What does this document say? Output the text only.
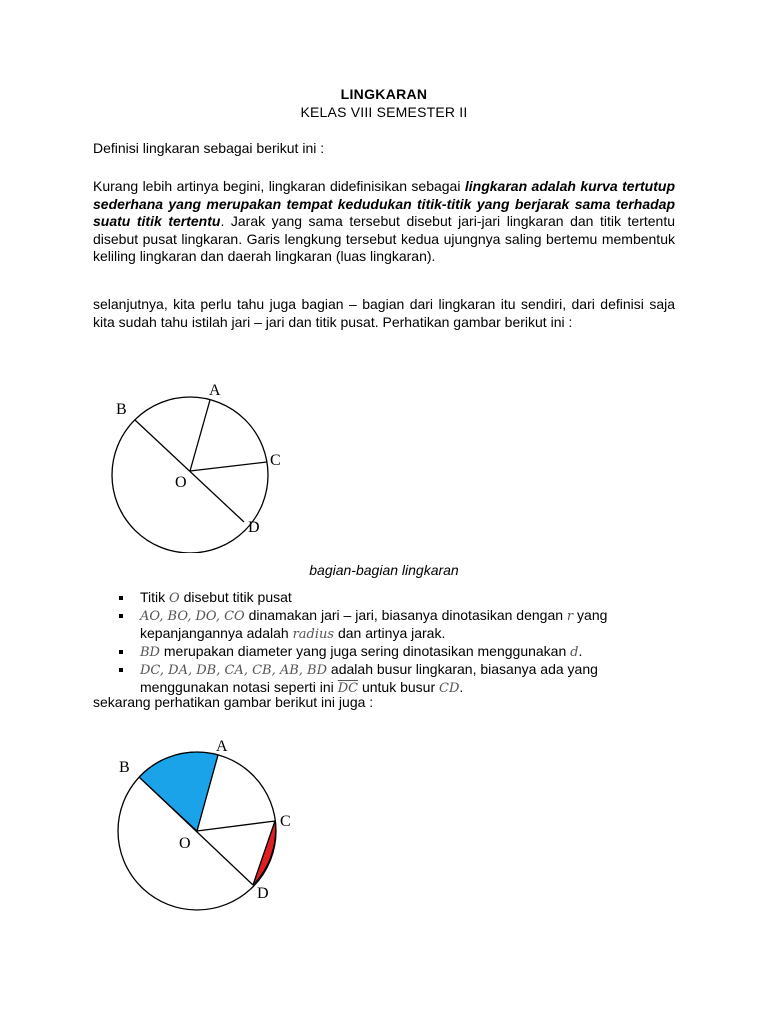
LINGKARAN
KELAS VIII SEMESTER II
Definisi lingkaran sebagai berikut ini :
Kurang lebih artinya begini, lingkaran didefinisikan sebagai lingkaran adalah kurva tertutup sederhana yang merupakan tempat kedudukan titik-titik yang berjarak sama terhadap suatu titik tertentu. Jarak yang sama tersebut disebut jari-jari lingkaran dan titik tertentu disebut pusat lingkaran. Garis lengkung tersebut kedua ujungnya saling bertemu membentuk keliling lingkaran dan daerah lingkaran (luas lingkaran).
selanjutnya, kita perlu tahu juga bagian – bagian dari lingkaran itu sendiri, dari definisi saja kita sudah tahu istilah jari – jari dan titik pusat. Perhatikan gambar berikut ini :
A
B
C
D
O
bagian-bagian lingkaran
Titik O disebut titik pusat
AO, BO, DO, CO dinamakan jari – jari, biasanya dinotasikan dengan r yang
kepanjangannya adalah radius dan artinya jarak.
BD merupakan diameter yang juga sering dinotasikan menggunakan d.
DC, DA, DB, CA, CB, AB, BD adalah busur lingkaran, biasanya ada yang
menggunakan notasi seperti ini $\overline{DC}$ untuk busur CD.
sekarang perhatikan gambar berikut ini juga :
A
B
C
D
O
